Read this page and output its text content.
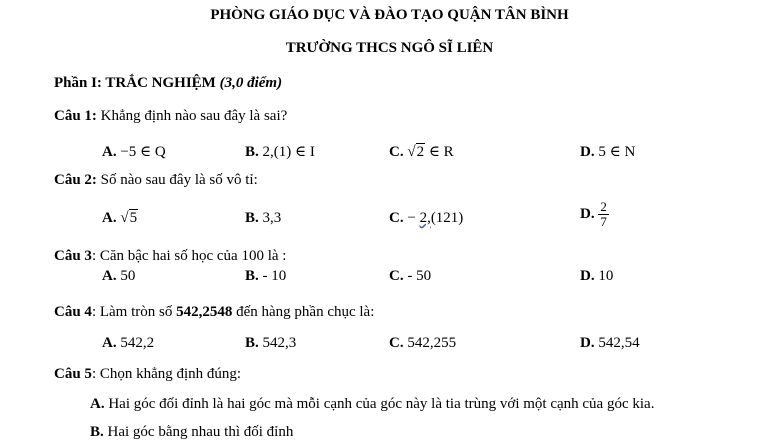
PHÒNG GIÁO DỤC VÀ ĐÀO TẠO QUẬN TÂN BÌNH
TRƯỜNG THCS NGÔ SĨ LIÊN
Phần I: TRẮC NGHIỆM (3,0 điểm)
Câu 1: Khẳng định nào sau đây là sai?
A. −5 ∈ Q	B. 2,(1) ∈ I	C. √2 ∈ R	D. 5 ∈ N
Câu 2: Số nào sau đây là số vô tỉ:
A. √5	B. 3,3	C. − 2,(121)	D. $\frac{2}{7}$
Câu 3: Căn bậc hai số học của 100 là :
A. 50	B. - 10	C. - 50	D. 10
Câu 4: Làm tròn số 542,2548 đến hàng phần chục là:
A. 542,2	B. 542,3	C. 542,255	D. 542,54
Câu 5: Chọn khẳng định đúng:
A. Hai góc đối đỉnh là hai góc mà mỗi cạnh của góc này là tia trùng với một cạnh của góc kia.
B. Hai góc bằng nhau thì đối đỉnh
